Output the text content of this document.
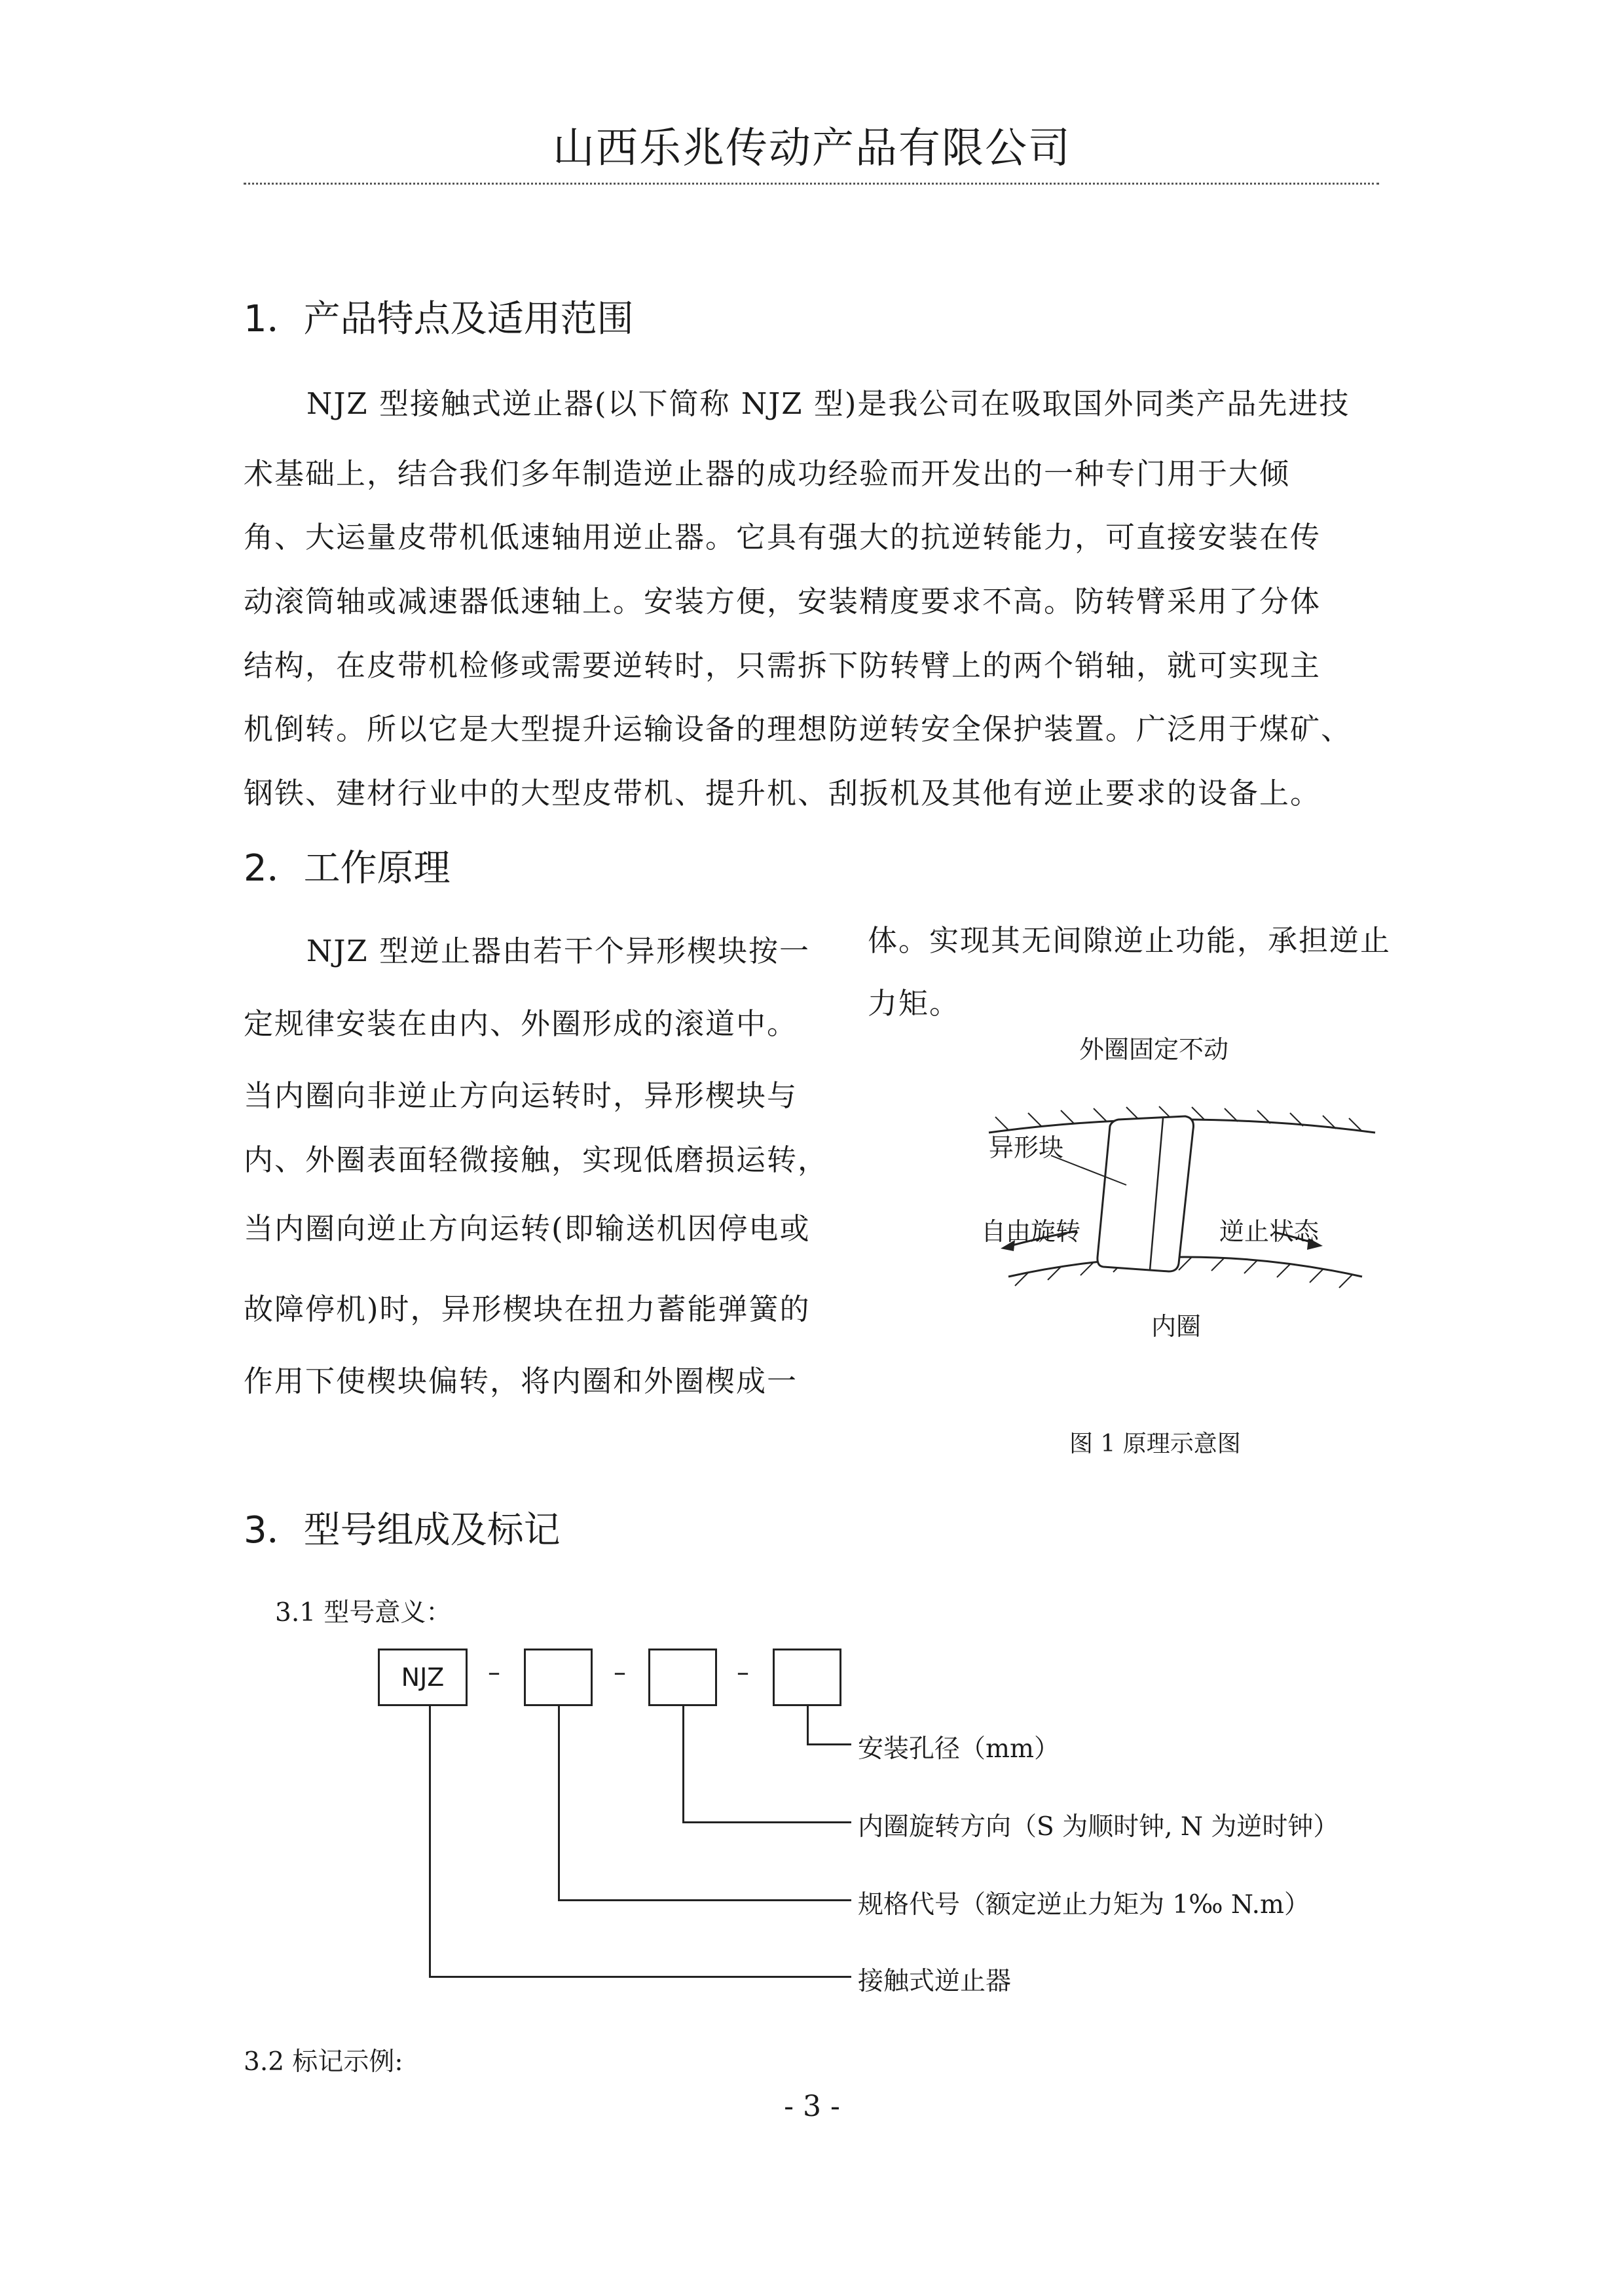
山西乐兆传动产品有限公司
1．产品特点及适用范围
NJZ 型接触式逆止器(以下简称 NJZ 型)是我公司在吸取国外同类产品先进技
术基础上，结合我们多年制造逆止器的成功经验而开发出的一种专门用于大倾
角、大运量皮带机低速轴用逆止器。它具有强大的抗逆转能力，可直接安装在传
动滚筒轴或减速器低速轴上。安装方便，安装精度要求不高。防转臂采用了分体
结构，在皮带机检修或需要逆转时，只需拆下防转臂上的两个销轴，就可实现主
机倒转。所以它是大型提升运输设备的理想防逆转安全保护装置。广泛用于煤矿、
钢铁、建材行业中的大型皮带机、提升机、刮扳机及其他有逆止要求的设备上。
2．工作原理
NJZ 型逆止器由若干个异形楔块按一
定规律安装在由内、外圈形成的滚道中。
当内圈向非逆止方向运转时，异形楔块与
内、外圈表面轻微接触，实现低磨损运转，
当内圈向逆止方向运转(即输送机因停电或
故障停机)时，异形楔块在扭力蓄能弹簧的
作用下使楔块偏转，将内圈和外圈楔成一
体。实现其无间隙逆止功能，承担逆止
力矩。
外圈固定不动
异形块
自由旋转	逆止状态
内圈
图 1 原理示意图
3．型号组成及标记
3.1 型号意义：
NJZ	–	–	–
安装孔径（mm）
内圈旋转方向（S 为顺时钟, N 为逆时钟）
规格代号（额定逆止力矩为 1‰ N.m）
接触式逆止器
3.2 标记示例:
- 3 -
